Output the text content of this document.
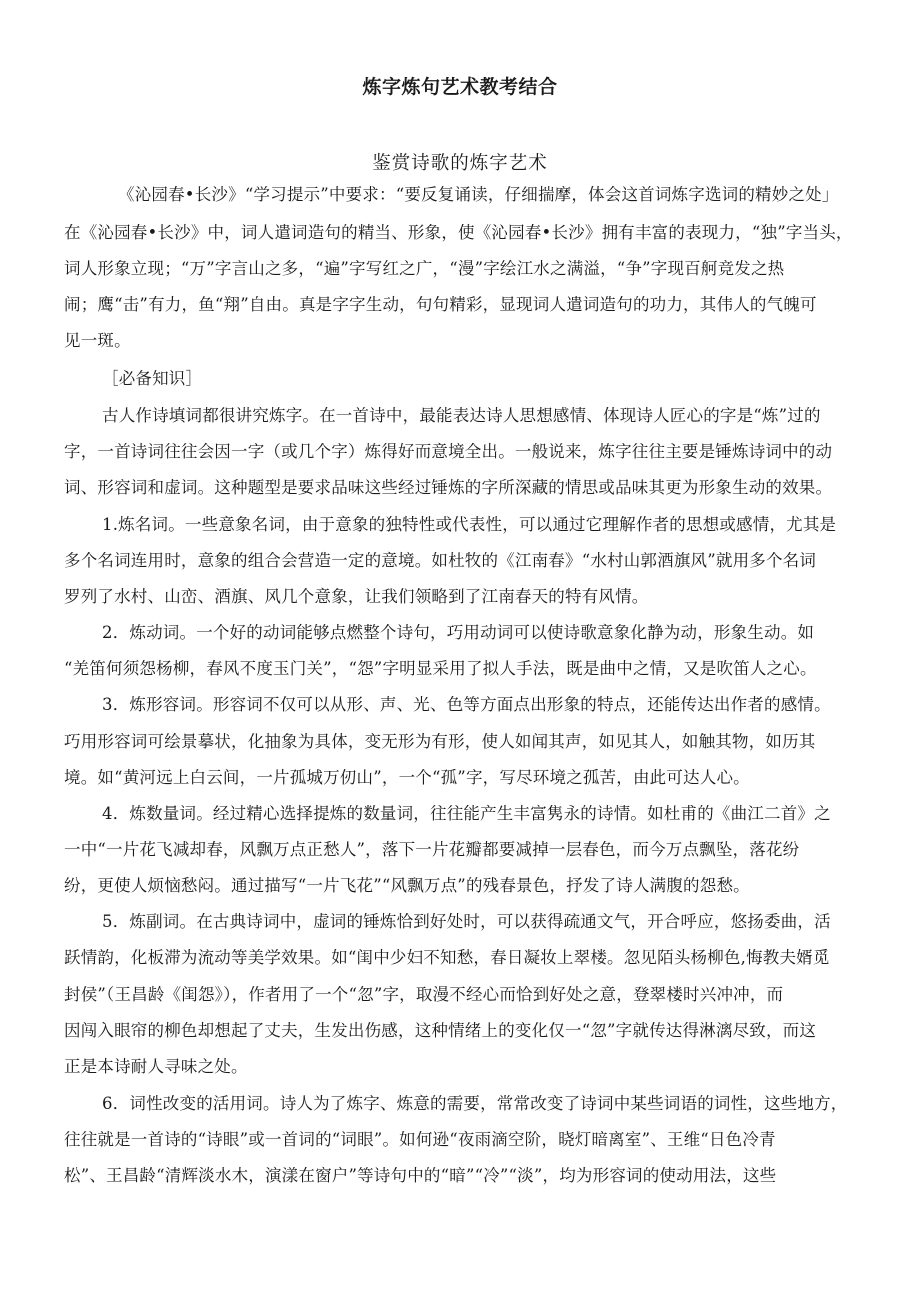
炼字炼句艺术教考结合
鉴赏诗歌的炼字艺术
《沁园春•长沙》“学习提示”中要求：“要反复诵读，仔细揣摩，体会这首词炼字选词的精妙之处」
在《沁园春•长沙》中，词人遣词造句的精当、形象，使《沁园春•长沙》拥有丰富的表现力，“独”字当头，
词人形象立现；“万”字言山之多，“遍”字写红之广，“漫”字绘江水之满溢，“争”字现百舸竞发之热
闹；鹰“击”有力，鱼“翔”自由。真是字字生动，句句精彩，显现词人遣词造句的功力，其伟人的气魄可
见一斑。
［必备知识］
古人作诗填词都很讲究炼字。在一首诗中，最能表达诗人思想感情、体现诗人匠心的字是“炼”过的
字，一首诗词往往会因一字（或几个字）炼得好而意境全出。一般说来，炼字往往主要是锤炼诗词中的动
词、形容词和虚词。这种题型是要求品味这些经过锤炼的字所深藏的情思或品味其更为形象生动的效果。
1.炼名词。一些意象名词，由于意象的独特性或代表性，可以通过它理解作者的思想或感情，尤其是
多个名词连用时，意象的组合会营造一定的意境。如杜牧的《江南春》“水村山郭酒旗风”就用多个名词
罗列了水村、山峦、酒旗、风几个意象，让我们领略到了江南春天的特有风情。
2．炼动词。一个好的动词能够点燃整个诗句，巧用动词可以使诗歌意象化静为动，形象生动。如
“羌笛何须怨杨柳，春风不度玉门关”，“怨”字明显采用了拟人手法，既是曲中之情，又是吹笛人之心。
3．炼形容词。形容词不仅可以从形、声、光、色等方面点出形象的特点，还能传达出作者的感情。
巧用形容词可绘景摹状，化抽象为具体，变无形为有形，使人如闻其声，如见其人，如触其物，如历其
境。如“黄河远上白云间，一片孤城万仞山”，一个“孤”字，写尽环境之孤苦，由此可达人心。
4．炼数量词。经过精心选择提炼的数量词，往往能产生丰富隽永的诗情。如杜甫的《曲江二首》之
一中“一片花飞减却春，风飘万点正愁人”，落下一片花瓣都要减掉一层春色，而今万点飘坠，落花纷
纷，更使人烦恼愁闷。通过描写“一片飞花”“风飘万点”的残春景色，抒发了诗人满腹的怨愁。
5．炼副词。在古典诗词中，虚词的锤炼恰到好处时，可以获得疏通文气，开合呼应，悠扬委曲，活
跃情韵，化板滞为流动等美学效果。如“闺中少妇不知愁，春日凝妆上翠楼。忽见陌头杨柳色,悔教夫婿觅
封侯”（王昌龄《闺怨》），作者用了一个“忽”字，取漫不经心而恰到好处之意，登翠楼时兴冲冲，而
因闯入眼帘的柳色却想起了丈夫，生发出伤感，这种情绪上的变化仅一“忽”字就传达得淋漓尽致，而这
正是本诗耐人寻味之处。
6．词性改变的活用词。诗人为了炼字、炼意的需要，常常改变了诗词中某些词语的词性，这些地方，
往往就是一首诗的“诗眼”或一首词的“词眼”。如何逊“夜雨滴空阶，晓灯暗离室”、王维“日色冷青
松”、王昌龄“清辉淡水木，演漾在窗户”等诗句中的“暗”“冷”“淡”，均为形容词的使动用法，这些
